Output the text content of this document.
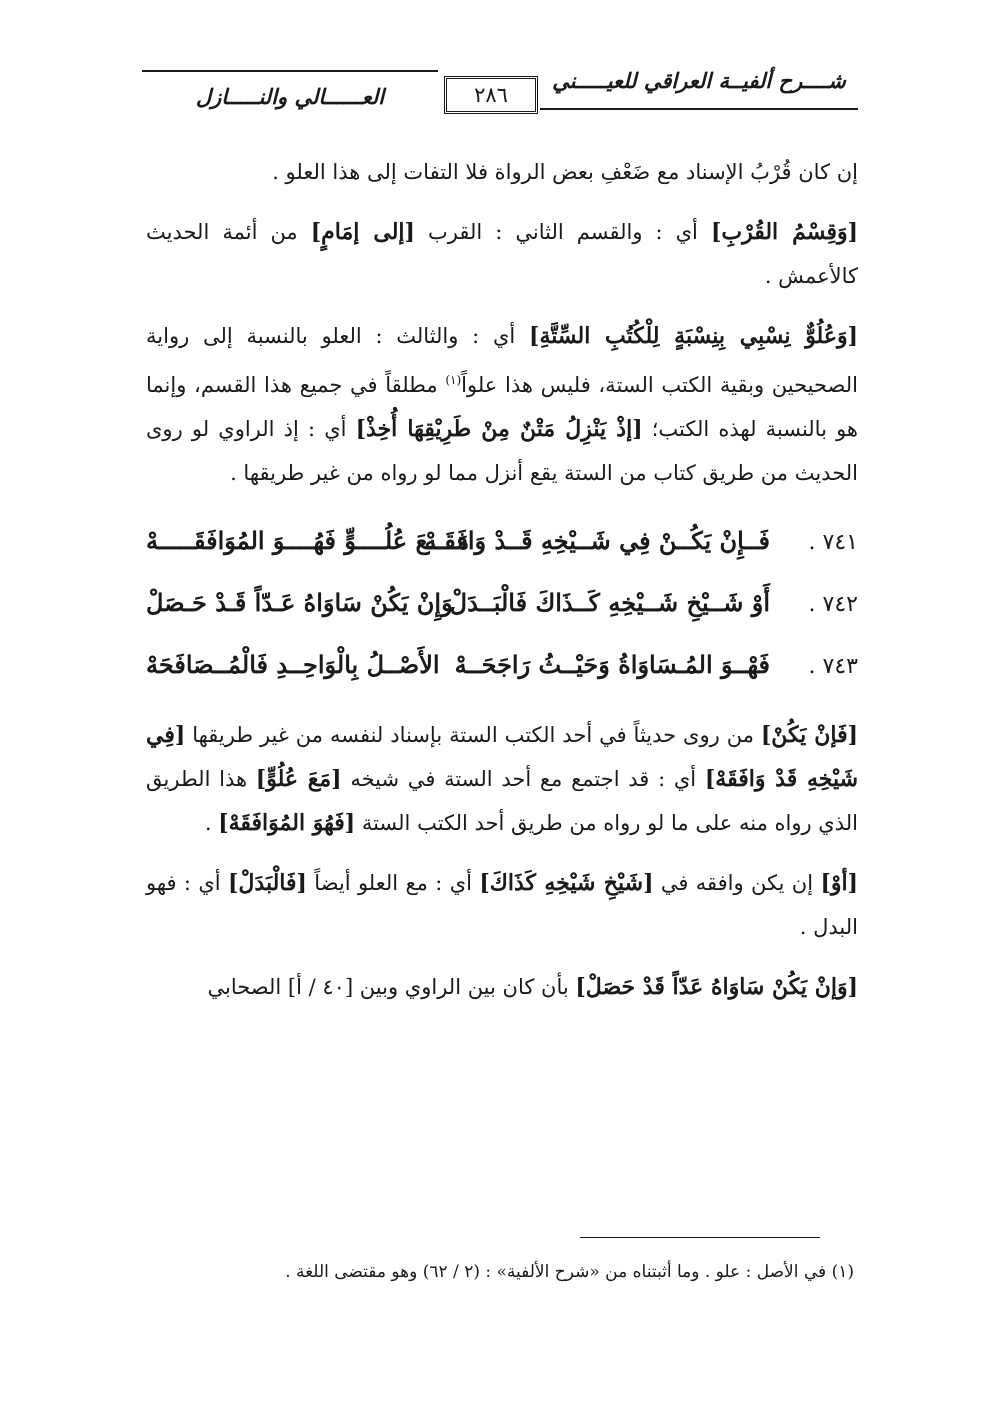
شــــرح ألفيــة العراقي للعيـــــني
٢٨٦
العــــــالي والنـــــازل

إن كان قُرْبُ الإسناد مع ضَعْفِ بعض الرواة فلا التفات إلى هذا العلو .

[وَقِسْمُ القُرْبِ] أي : والقسم الثاني : القرب [إلى إمَامٍ] من أئمة الحديث كالأعمش .

[وَعُلُوٌّ نِسْبِي بِنِسْبَةٍ لِلْكُتُبِ السِّتَّةِ] أي : والثالث : العلو بالنسبة إلى رواية الصحيحين وبقية الكتب الستة، فليس هذا علواً$^{(١)}$ مطلقاً في جميع هذا القسم، وإنما هو بالنسبة لهذه الكتب؛ [إذْ يَنْزِلُ مَتْنٌ مِنْ طَرِيْقِهَا أُخِذْ] أي : إذ الراوي لو روى الحديث من طريق كتاب من الستة يقع أنزل مما لو رواه من غير طريقها .

٧٤١ .
فَــإِنْ يَكُــنْ فِي شَــيْخِهِ قَــدْ وَافَقَـهْ
مَــــعَ عُلُــــوٍّ فَهُــــوَ المُوَافَقَـــــهْ
٧٤٢ .
أَوْ شَــيْخِ شَــيْخِهِ كَــذَاكَ فَالْبَــدَلْ
وَإِنْ يَكُنْ سَاوَاهُ عَـدّاً قَـدْ حَـصَلْ
٧٤٣ .
فَهْــوَ المُـسَاوَاةُ وَحَيْــثُ رَاجَحَــهْ
الأَصْــلُ بِالْوَاحِــدِ فَالْمُــصَافَحَهْ

[فَإنْ يَكُنْ] من روى حديثاً في أحد الكتب الستة بإسناد لنفسه من غير طريقها [فِي شَيْخِهِ قَدْ وَافَقَهْ] أي : قد اجتمع مع أحد الستة في شيخه [مَعَ عُلُوٍّ] هذا الطريق الذي رواه منه على ما لو رواه من طريق أحد الكتب الستة [فَهُوَ المُوَافَقَهْ] .

[أوْ] إن يكن وافقه في [شَيْخِ شَيْخِهِ كَذَاكَ] أي : مع العلو أيضاً [فَالْبَدَلْ] أي : فهو البدل .

[وَإنْ يَكُنْ سَاوَاهُ عَدّاً قَدْ حَصَلْ] بأن كان بين الراوي وبين [٤٠ / أ] الصحابي

(١) في الأصل : علو . وما أثبتناه من «شرح الألفية» : (٢ / ٦٢) وهو مقتضى اللغة .
